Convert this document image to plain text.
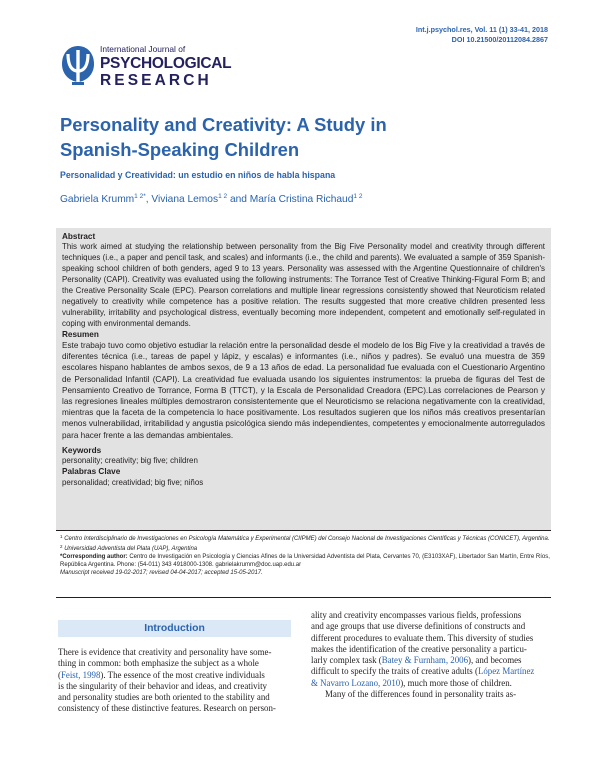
Int.j.psychol.res, Vol. 11 (1) 33-41, 2018
DOI 10.21500/20112084.2867
International Journal of
PSYCHOLOGICAL
RESEARCH
Personality and Creativity: A Study in
Spanish-Speaking Children
Personalidad y Creatividad: un estudio en niños de habla hispana
Gabriela Krumm$^{1 2*}$, Viviana Lemos$^{1 2}$ and María Cristina Richaud$^{1 2}$
Abstract

This work aimed at studying the relationship between personality from the Big Five Personality model and creativity through different techniques (i.e., a paper and pencil task, and scales) and informants (i.e., the child and parents). We evaluated a sample of 359 Spanish-speaking school children of both genders, aged 9 to 13 years. Personality was assessed with the Argentine Questionnaire of children's Personality (CAPI). Creativity was evaluated using the following instruments: The Torrance Test of Creative Thinking-Figural Form B; and the Creative Personality Scale (EPC). Pearson correlations and multiple linear regressions consistently showed that Neuroticism related negatively to creativity while competence has a positive relation. The results suggested that more creative children presented less vulnerability, irritability and psychological distress, eventually becoming more independent, competent and emotionally self-regulated in coping with environmental demands.

Resumen

Este trabajo tuvo como objetivo estudiar la relación entre la personalidad desde el modelo de los Big Five y la creatividad a través de diferentes técnica (i.e., tareas de papel y lápiz, y escalas) e informantes (i.e., niños y padres). Se evaluó una muestra de 359 escolares hispano hablantes de ambos sexos, de 9 a 13 años de edad. La personalidad fue evaluada con el Cuestionario Argentino de Personalidad Infantil (CAPI). La creatividad fue evaluada usando los siguientes instrumentos: la prueba de figuras del Test de Pensamiento Creativo de Torrance, Forma B (TTCT), y la Escala de Personalidad Creadora (EPC).Las correlaciones de Pearson y las regresiones lineales múltiples demostraron consistentemente que el Neuroticismo se relaciona negativamente con la creatividad, mientras que la faceta de la competencia lo hace positivamente. Los resultados sugieren que los niños más creativos presentarían menos vulnerabilidad, irritabilidad y angustia psicológica siendo más independientes, competentes y emocionalmente autorregulados para hacer frente a las demandas ambientales.

Keywords

personality; creativity; big five; children

Palabras Clave

personalidad; creatividad; big five; niños

$^1$ Centro Interdisciplinario de Investigaciones en Psicología Matemática y Experimental (CIIPME) del Consejo Nacional de Investigaciones Científicas y Técnicas (CONICET), Argentina.
$^2$ Universidad Adventista del Plata (UAP), Argentina
*Corresponding author: Centro de Investigación en Psicología y Ciencias Afines de la Universidad Adventista del Plata, Cervantes 70, (E3103XAF), Libertador San Martín, Entre Ríos, República Argentina. Phone: (54-011) 343 4918000-1308. gabrielakrumm@doc.uap.edu.ar
Manuscript received 19-02-2017; revised 04-04-2017; accepted 15-05-2017.
Introduction
There is evidence that creativity and personality have some-
thing in common: both emphasize the subject as a whole
(Feist, 1998). The essence of the most creative individuals
is the singularity of their behavior and ideas, and creativity
and personality studies are both oriented to the stability and
consistency of these distinctive features. Research on person-
ality and creativity encompasses various fields, professions
and age groups that use diverse definitions of constructs and
different procedures to evaluate them. This diversity of studies
makes the identification of the creative personality a particu-
larly complex task (Batey & Furnham, 2006), and becomes
difficult to specify the traits of creative adults (López Martínez
& Navarro Lozano, 2010), much more those of children.
Many of the differences found in personality traits as-
